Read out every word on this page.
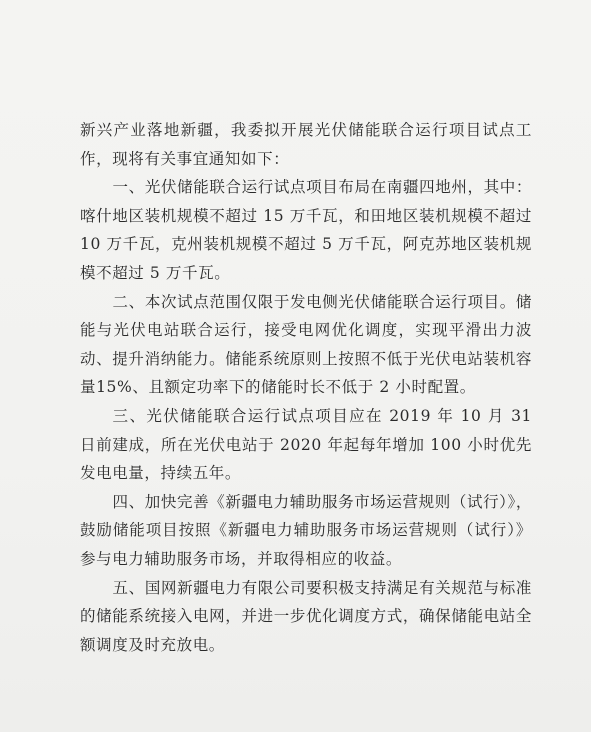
新兴产业落地新疆，我委拟开展光伏储能联合运行项目试点工作，现将有关事宜通知如下：

一、光伏储能联合运行试点项目布局在南疆四地州，其中：喀什地区装机规模不超过 15 万千瓦，和田地区装机规模不超过 10 万千瓦，克州装机规模不超过 5 万千瓦，阿克苏地区装机规模不超过 5 万千瓦。

二、本次试点范围仅限于发电侧光伏储能联合运行项目。储能与光伏电站联合运行，接受电网优化调度，实现平滑出力波动、提升消纳能力。储能系统原则上按照不低于光伏电站装机容量15%、且额定功率下的储能时长不低于 2 小时配置。

三、光伏储能联合运行试点项目应在 2019 年 10 月 31 日前建成，所在光伏电站于 2020 年起每年增加 100 小时优先发电电量，持续五年。

四、加快完善《新疆电力辅助服务市场运营规则（试行）》，鼓励储能项目按照《新疆电力辅助服务市场运营规则（试行）》参与电力辅助服务市场，并取得相应的收益。

五、国网新疆电力有限公司要积极支持满足有关规范与标准的储能系统接入电网，并进一步优化调度方式，确保储能电站全额调度及时充放电。
